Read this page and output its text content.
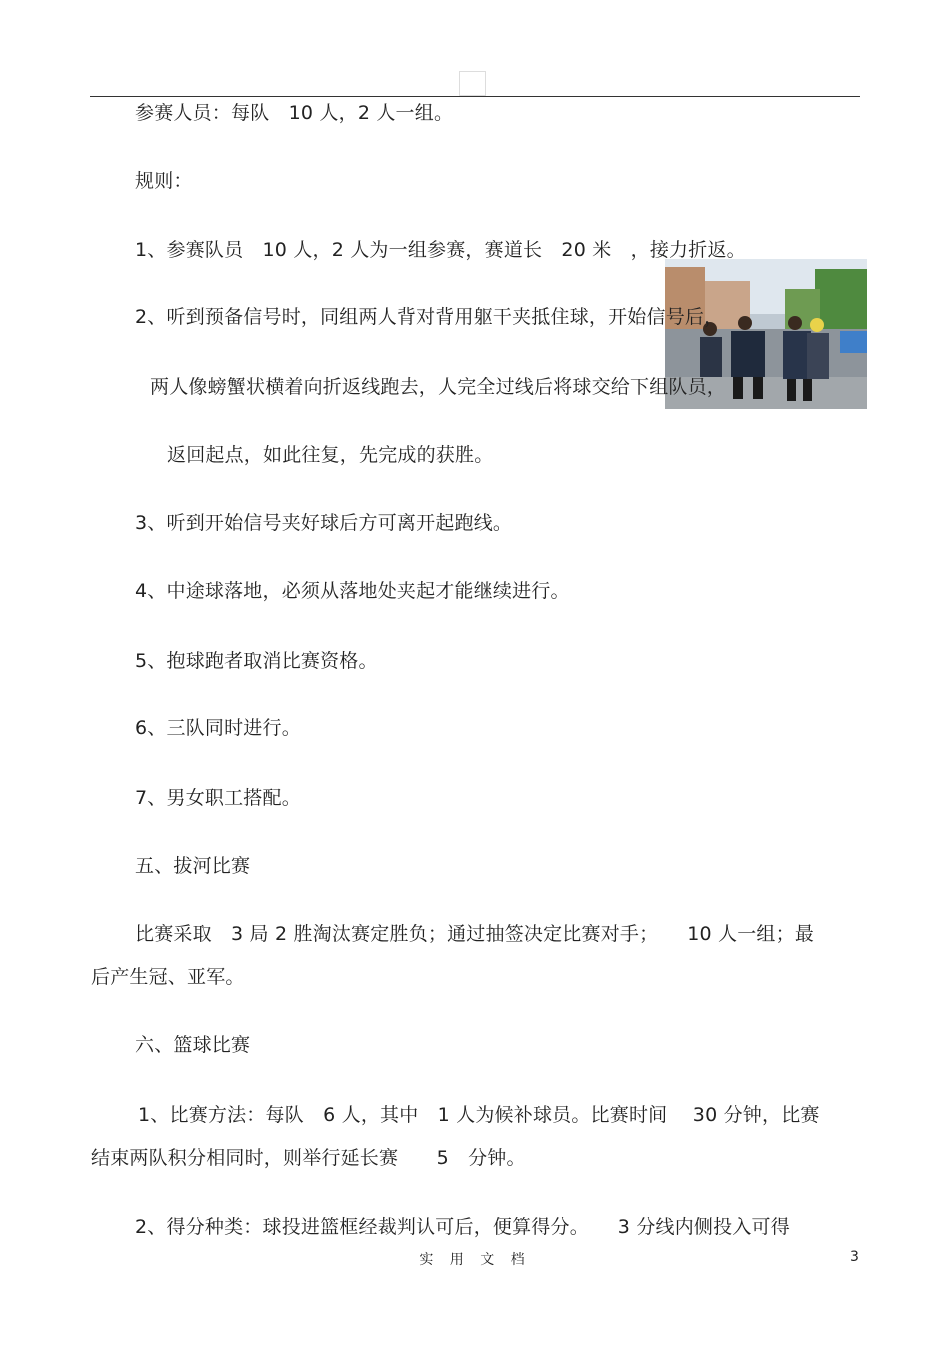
参赛人员：每队　10 人，2 人一组。
规则：
1、参赛队员　10 人，2 人为一组参赛，赛道长　20 米　，接力折返。
2、听到预备信号时，同组两人背对背用躯干夹抵住球，开始信号后，
两人像螃蟹状横着向折返线跑去，人完全过线后将球交给下组队员，
返回起点，如此往复，先完成的获胜。
3、听到开始信号夹好球后方可离开起跑线。
4、中途球落地，必须从落地处夹起才能继续进行。
5、抱球跑者取消比赛资格。
6、三队同时进行。
7、男女职工搭配。
五、拔河比赛
比赛采取　3 局 2 胜淘汰赛定胜负；通过抽签决定比赛对手；　　10 人一组；最
后产生冠、亚军。
六、篮球比赛
1、比赛方法：每队　6 人，其中　1 人为候补球员。比赛时间　 30 分钟，比赛
结束两队积分相同时，则举行延长赛　　5　分钟。
2、得分种类：球投进篮框经裁判认可后，便算得分。　　3 分线内侧投入可得
实 用 文 档	3
